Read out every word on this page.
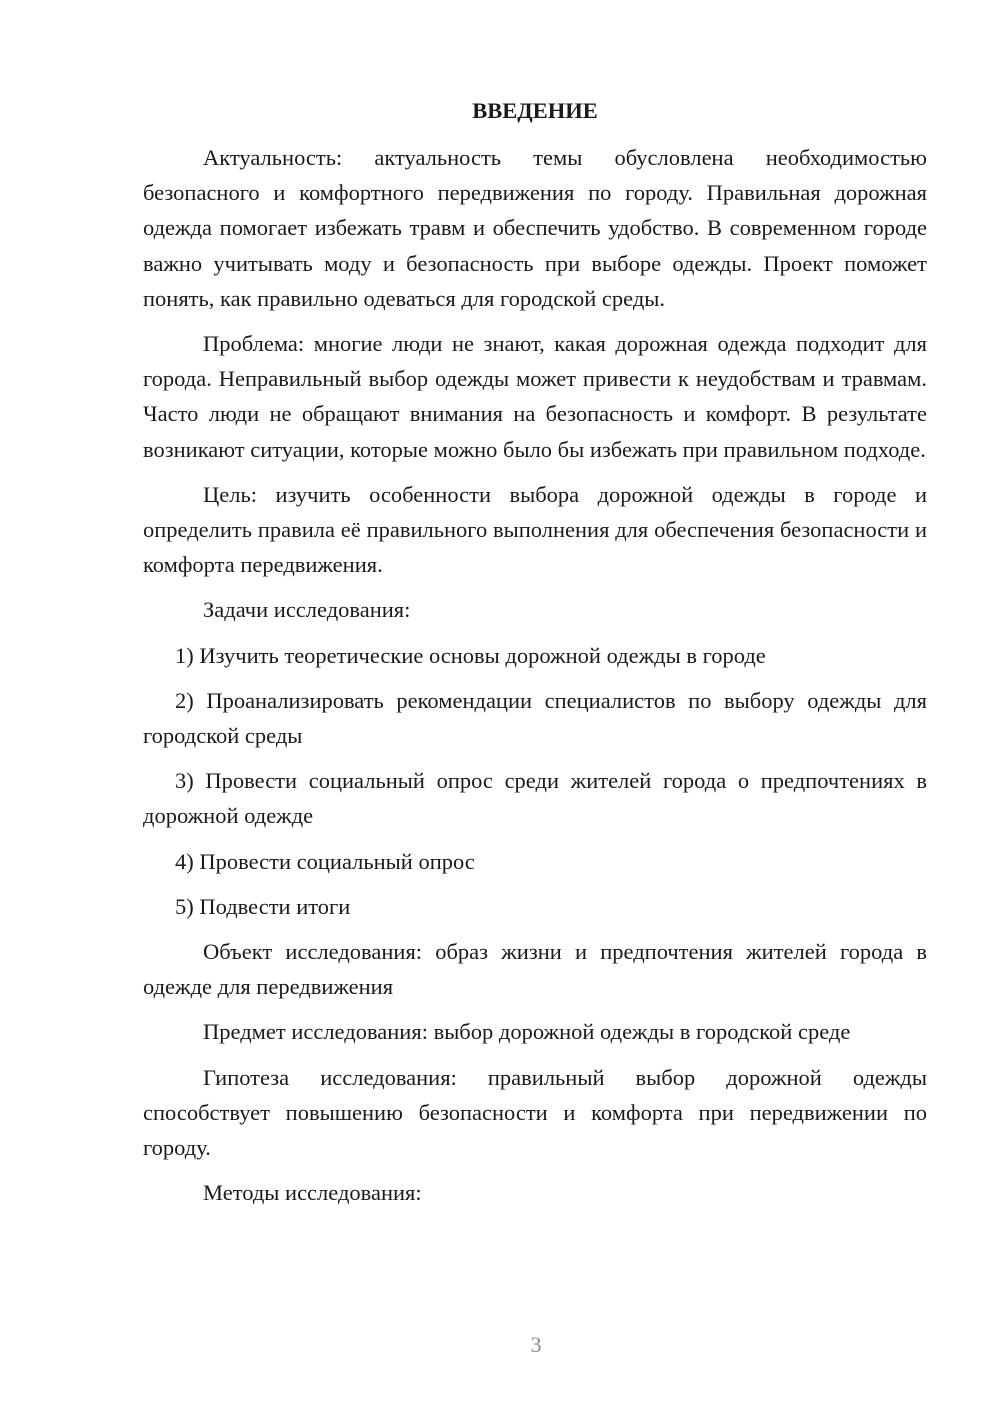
ВВЕДЕНИЕ

Актуальность: актуальность темы обусловлена необходимостью безопасного и комфортного передвижения по городу. Правильная дорожная одежда помогает избежать травм и обеспечить удобство. В современном городе важно учитывать моду и безопасность при выборе одежды. Проект поможет понять, как правильно одеваться для городской среды.

Проблема: многие люди не знают, какая дорожная одежда подходит для города. Неправильный выбор одежды может привести к неудобствам и травмам. Часто люди не обращают внимания на безопасность и комфорт. В результате возникают ситуации, которые можно было бы избежать при правильном подходе.

Цель: изучить особенности выбора дорожной одежды в городе и определить правила её правильного выполнения для обеспечения безопасности и комфорта передвижения.

Задачи исследования:

1) Изучить теоретические основы дорожной одежды в городе

2) Проанализировать рекомендации специалистов по выбору одежды для городской среды

3) Провести социальный опрос среди жителей города о предпочтениях в дорожной одежде

4) Провести социальный опрос

5) Подвести итоги

Объект исследования: образ жизни и предпочтения жителей города в одежде для передвижения

Предмет исследования: выбор дорожной одежды в городской среде

Гипотеза исследования: правильный выбор дорожной одежды способствует повышению безопасности и комфорта при передвижении по городу.

Методы исследования:

3
